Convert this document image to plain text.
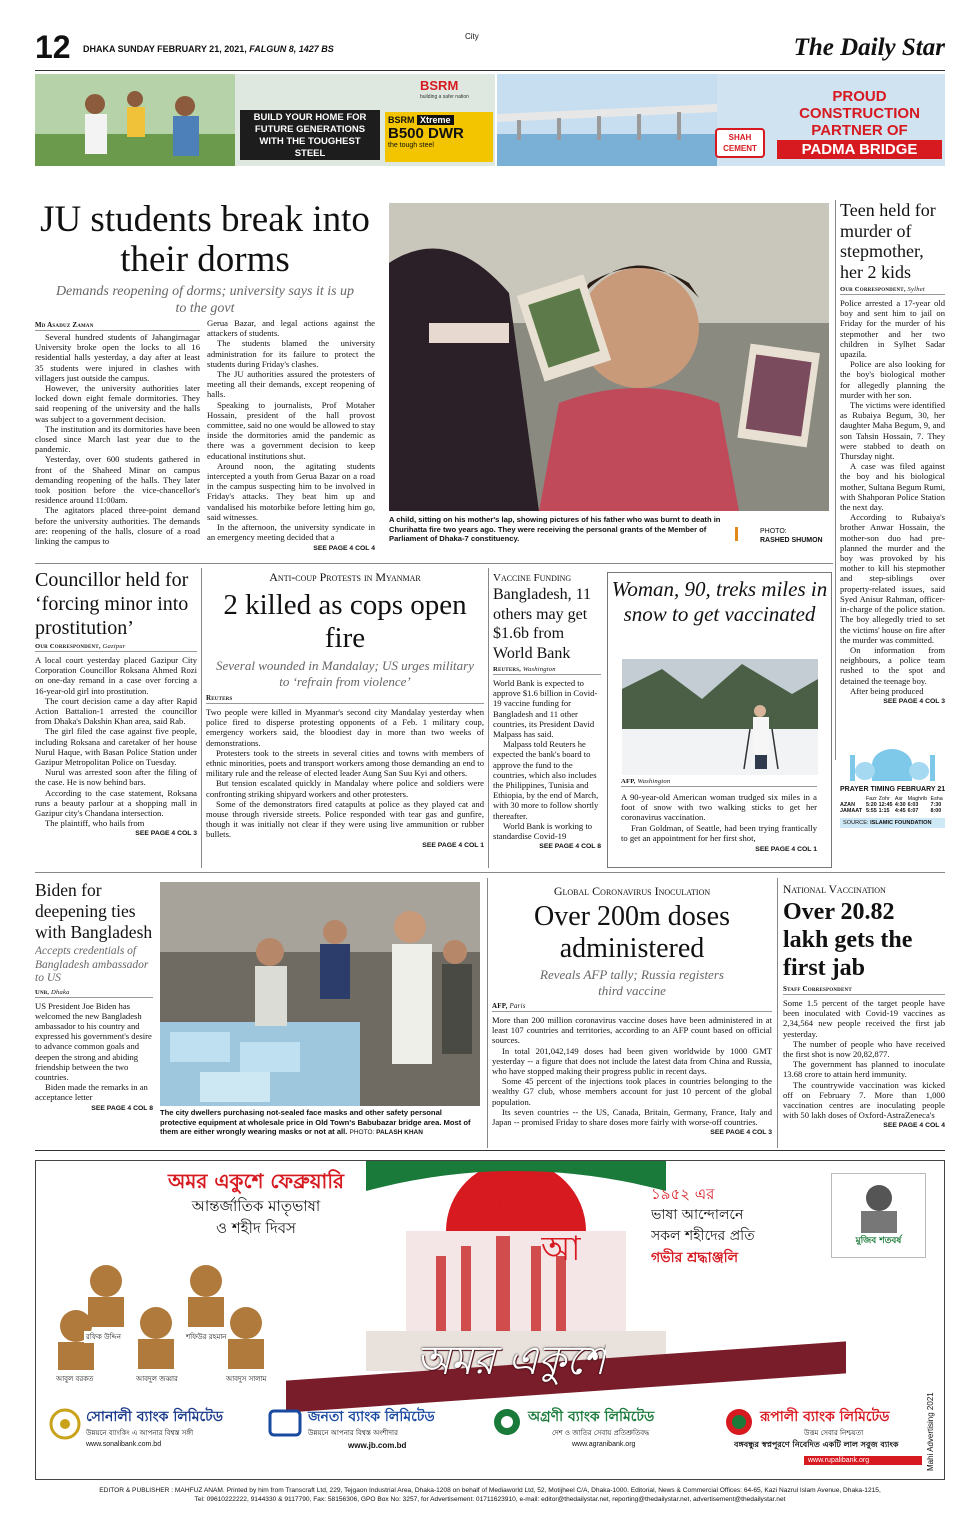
12 DHAKA SUNDAY FEBRUARY 21, 2021, FALGUN 8, 1427 BS
City	The Daily Star
BUILD YOUR HOME FOR FUTURE GENERATIONS WITH THE TOUGHEST STEEL
BSRM
building a safer nation
BSRM Xtreme
B500 DWR
the tough steel
SHAH
CEMENT
PROUD
CONSTRUCTION
PARTNER OF
PADMA BRIDGE
JU students break into their dorms
Demands reopening of dorms; university says it is up to the govt
Md Asaduz Zaman

Several hundred students of Jahangirnagar University broke open the locks to all 16 residential halls yesterday, a day after at least 35 students were injured in clashes with villagers just outside the campus.

However, the university authorities later locked down eight female dormitories. They said reopening of the university and the halls was subject to a government decision.

The institution and its dormitories have been closed since March last year due to the pandemic.

Yesterday, over 600 students gathered in front of the Shaheed Minar on campus demanding reopening of the halls. They later took position before the vice-chancellor's residence around 11:00am.

The agitators placed three-point demand before the university authorities. The demands are: reopening of the halls, closure of a road linking the campus to

Gerua Bazar, and legal actions against the attackers of students.

The students blamed the university administration for its failure to protect the students during Friday's clashes.

The JU authorities assured the protesters of meeting all their demands, except reopening of halls.

Speaking to journalists, Prof Motaher Hossain, president of the hall provost committee, said no one would be allowed to stay inside the dormitories amid the pandemic as there was a government decision to keep educational institutions shut.

Around noon, the agitating students intercepted a youth from Gerua Bazar on a road in the campus suspecting him to be involved in Friday's attacks. They beat him up and vandalised his motorbike before letting him go, said witnesses.

In the afternoon, the university syndicate in an emergency meeting decided that a

SEE PAGE 4 COL 4
A child, sitting on his mother's lap, showing pictures of his father who was burnt to death in Churihatta fire two years ago. They were receiving the personal grants of the Member of Parliament of Dhaka-7 constituency.
PHOTO:
RASHED SHUMON
Teen held for murder of stepmother, her 2 kids
Our Correspondent, Sylhet

Police arrested a 17-year old boy and sent him to jail on Friday for the murder of his stepmother and her two children in Sylhet Sadar upazila.

Police are also looking for the boy's biological mother for allegedly planning the murder with her son.

The victims were identified as Rubaiya Begum, 30, her daughter Maha Begum, 9, and son Tahsin Hossain, 7. They were stabbed to death on Thursday night.

A case was filed against the boy and his biological mother, Sultana Begum Rumi, with Shahporan Police Station the next day.

According to Rubaiya's brother Anwar Hossain, the mother-son duo had pre-planned the murder and the boy was provoked by his mother to kill his stepmother and step-siblings over property-related issues, said Syed Anisur Rahman, officer-in-charge of the police station. The boy allegedly tried to set the victims' house on fire after the murder was committed.

On information from neighbours, a police team rushed to the spot and detained the teenage boy.

After being produced

SEE PAGE 4 COL 3
PRAYER TIMING FEBRUARY 21
	Fazr	Zohr	Asr	Maghrib	Esha
AZAN	5:20	12:45	4:30	6:03	7:30
JAMAAT	5:55	1:15	4:45	6:07	8:00
SOURCE: ISLAMIC FOUNDATION
Councillor held for ‘forcing minor into prostitution’
Our Correspondent, Gazipur

A local court yesterday placed Gazipur City Corporation Councillor Roksana Ahmed Rozi on one-day remand in a case over forcing a 16-year-old girl into prostitution.

The court decision came a day after Rapid Action Battalion-1 arrested the councillor from Dhaka's Dakshin Khan area, said Rab.

The girl filed the case against five people, including Roksana and caretaker of her house Nurul Haque, with Basan Police Station under Gazipur Metropolitan Police on Tuesday.

Nurul was arrested soon after the filing of the case. He is now behind bars.

According to the case statement, Roksana runs a beauty parlour at a shopping mall in Gazipur city's Chandana intersection.

The plaintiff, who hails from

SEE PAGE 4 COL 3
Anti-coup Protests in Myanmar
2 killed as cops open fire
Several wounded in Mandalay; US urges military to ‘refrain from violence’
Reuters

Two people were killed in Myanmar's second city Mandalay yesterday when police fired to disperse protesting opponents of a Feb. 1 military coup, emergency workers said, the bloodiest day in more than two weeks of demonstrations.

Protesters took to the streets in several cities and towns with members of ethnic minorities, poets and transport workers among those demanding an end to military rule and the release of elected leader Aung San Suu Kyi and others.

But tension escalated quickly in Mandalay where police and soldiers were confronting striking shipyard workers and other protesters.

Some of the demonstrators fired catapults at police as they played cat and mouse through riverside streets. Police responded with tear gas and gunfire, though it was initially not clear if they were using live ammunition or rubber bullets.

SEE PAGE 4 COL 1
Vaccine Funding
Bangladesh, 11 others may get $1.6b from World Bank
Reuters, Washington

World Bank is expected to approve $1.6 billion in Covid-19 vaccine funding for Bangladesh and 11 other countries, its President David Malpass has said.

Malpass told Reuters he expected the bank's board to approve the fund to the countries, which also includes the Philippines, Tunisia and Ethiopia, by the end of March, with 30 more to follow shortly thereafter.

World Bank is working to standardise Covid-19

SEE PAGE 4 COL 8
Woman, 90, treks miles in snow to get vaccinated
AFP, Washington

A 90-year-old American woman trudged six miles in a foot of snow with two walking sticks to get her coronavirus vaccination.

Fran Goldman, of Seattle, had been trying frantically to get an appointment for her first shot,

SEE PAGE 4 COL 1
Biden for deepening ties with Bangladesh
Accepts credentials of Bangladesh ambassador to US
Unb, Dhaka

US President Joe Biden has welcomed the new Bangladesh ambassador to his country and expressed his government's desire to advance common goals and deepen the strong and abiding friendship between the two countries.

Biden made the remarks in an acceptance letter

SEE PAGE 4 COL 8 The city dwellers purchasing not-sealed face masks and other safety personal protective equipment at wholesale price in Old Town's Babubazar bridge area. Most of them are either wrongly wearing masks or not at all. PHOTO: PALASH KHAN
Global Coronavirus Inoculation
Over 200m doses administered
Reveals AFP tally; Russia registers third vaccine
AFP, Paris

More than 200 million coronavirus vaccine doses have been administered in at least 107 countries and territories, according to an AFP count based on official sources.

In total 201,042,149 doses had been given worldwide by 1000 GMT yesterday -- a figure that does not include the latest data from China and Russia, who have stopped making their progress public in recent days.

Some 45 percent of the injections took places in countries belonging to the wealthy G7 club, whose members account for just 10 percent of the global population.

Its seven countries -- the US, Canada, Britain, Germany, France, Italy and Japan -- promised Friday to share doses more fairly with worse-off countries.

SEE PAGE 4 COL 3
National Vaccination
Over 20.82 lakh gets the first jab
Staff Correspondent

Some 1.5 percent of the target people have been inoculated with Covid-19 vaccines as 2,34,564 new people received the first jab yesterday.

The number of people who have received the first shot is now 20,82,877.

The government has planned to inoculate 13.68 crore to attain herd immunity.

The countrywide vaccination was kicked off on February 7. More than 1,000 vaccination centres are inoculating people with 50 lakh doses of Oxford-AstraZeneca's

SEE PAGE 4 COL 4
অ
আ
অমর একুশে ফেব্রুয়ারি
আন্তর্জাতিক মাতৃভাষা
ও শহীদ দিবস
১৯৫২ এর
ভাষা আন্দোলনে
সকল শহীদের প্রতি
গভীর শ্রদ্ধাঞ্জলি
মুজিব শতবর্ষ
রফিক উদ্দিন	শফিউর রহমান
আবুল বরকত	আবদুল জব্বার	আবদুস সালাম	অমর একুশে
সোনালী ব্যাংক লিমিটেড
উন্নয়নে ব্যাংকিং এ আপনার বিশ্বস্ত সঙ্গী
www.sonalibank.com.bd
জনতা ব্যাংক লিমিটেড
উন্নয়নে আপনার বিশ্বস্ত অংশীদার
www.jb.com.bd
অগ্রণী ব্যাংক লিমিটেড
দেশ ও জাতির সেবায় প্রতিশ্রুতিবদ্ধ
www.agranibank.org
রূপালী ব্যাংক লিমিটেড
উত্তম সেবার নিশ্চয়তা
বঙ্গবন্ধুর স্বপ্নপূরণে নিবেদিত একটি লাল সবুজ ব্যাংক
www.rupalibank.org	Mahi Advertising 2021
EDITOR & PUBLISHER : MAHFUZ ANAM. Printed by him from Transcraft Ltd, 229, Tejgaon Industrial Area, Dhaka-1208 on behalf of Mediaworld Ltd, 52, Motijheel C/A, Dhaka-1000. Editorial, News & Commercial Offices: 64-65, Kazi Nazrul Islam Avenue, Dhaka-1215,
Tel: 09610222222, 9144330 & 9117790, Fax: 58156306, GPO Box No: 3257, for Advertisement: 01711623910, e-mail: editor@thedailystar.net, reporting@thedailystar.net, advertisement@thedailystar.net
